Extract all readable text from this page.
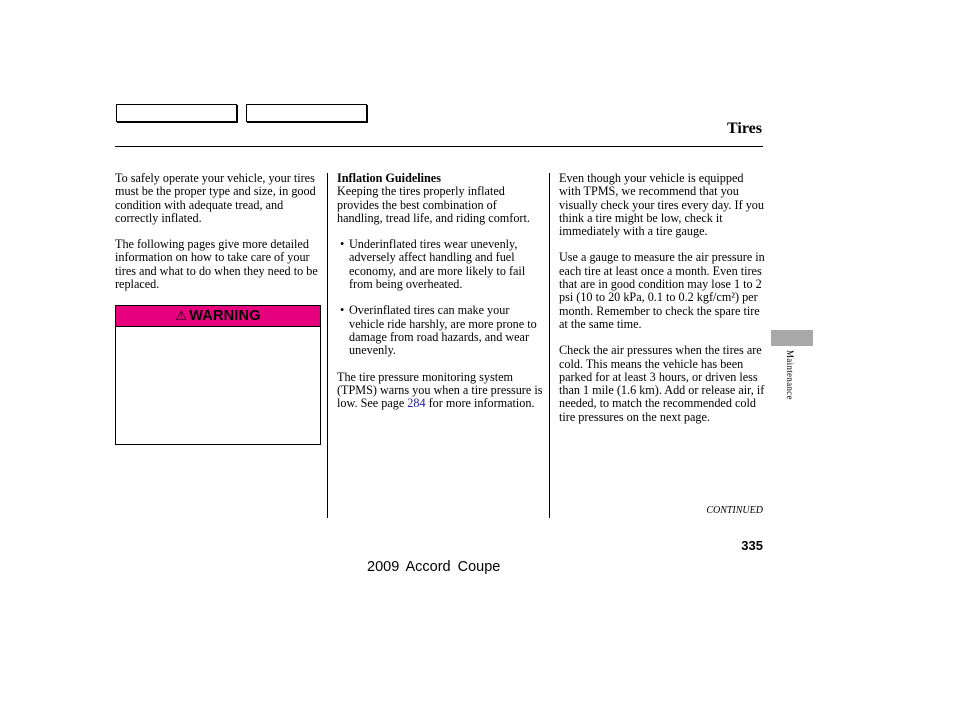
Tires

To safely operate your vehicle, your tires must be the proper type and size, in good condition with adequate tread, and correctly inflated.

The following pages give more detailed information on how to take care of your tires and what to do when they need to be replaced.

⚠ WARNING
Inflation Guidelines

Keeping the tires properly inflated provides the best combination of handling, tread life, and riding comfort.

• Underinflated tires wear unevenly, adversely affect handling and fuel economy, and are more likely to fail from being overheated.
• Overinflated tires can make your vehicle ride harshly, are more prone to damage from road hazards, and wear unevenly.

The tire pressure monitoring system (TPMS) warns you when a tire pressure is low. See page 284 for more information.

Even though your vehicle is equipped with TPMS, we recommend that you visually check your tires every day. If you think a tire might be low, check it immediately with a tire gauge.

Use a gauge to measure the air pressure in each tire at least once a month. Even tires that are in good condition may lose 1 to 2 psi (10 to 20 kPa, 0.1 to 0.2 kgf/cm²) per month. Remember to check the spare tire at the same time.

Check the air pressures when the tires are cold. This means the vehicle has been parked for at least 3 hours, or driven less than 1 mile (1.6 km). Add or release air, if needed, to match the recommended cold tire pressures on the next page.

CONTINUED
335
2009 Accord Coupe
Maintenance
